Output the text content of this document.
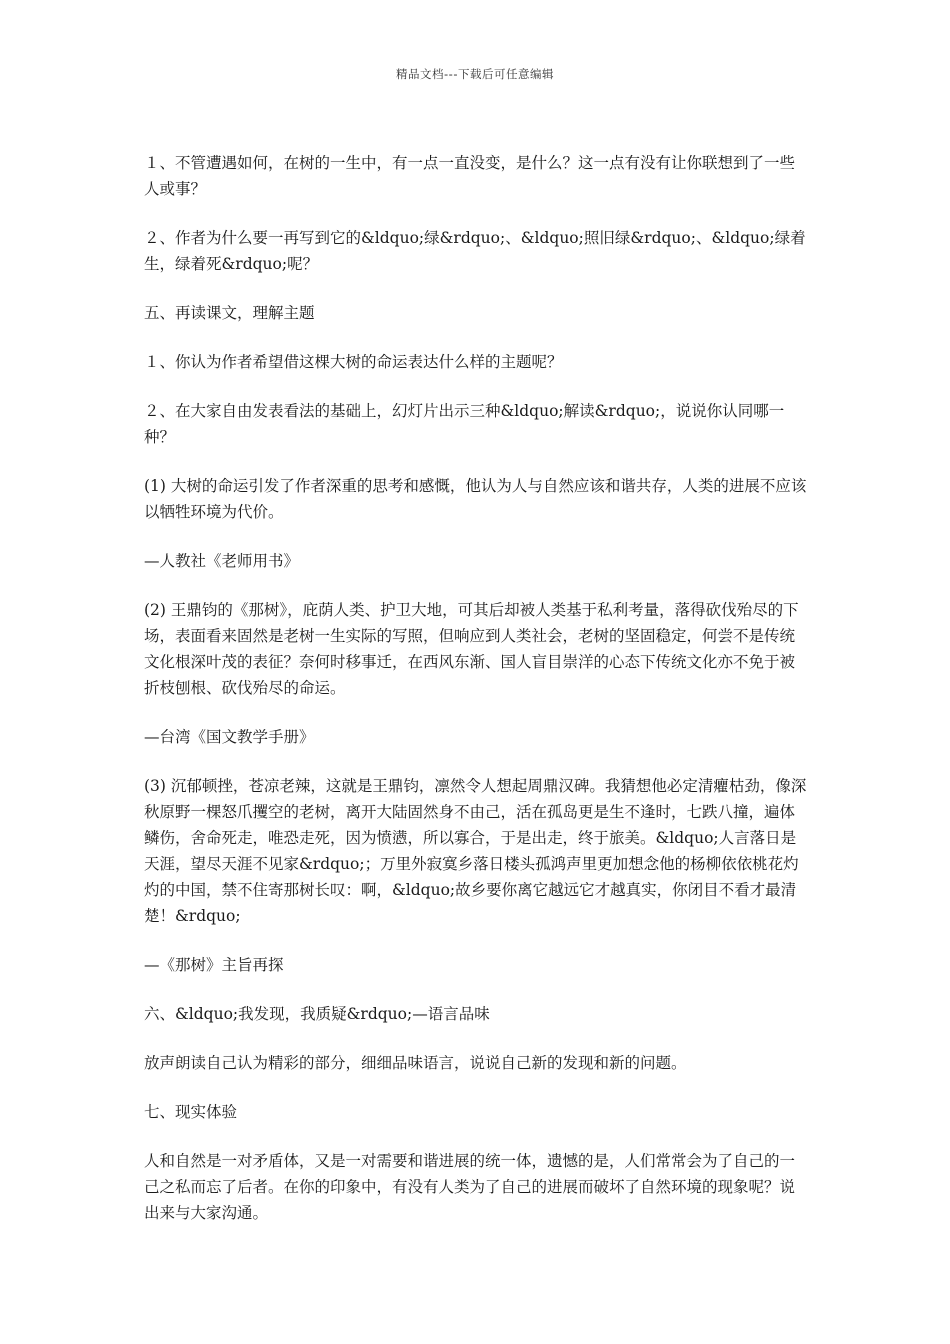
精品文档---下载后可任意编辑

１、不管遭遇如何，在树的一生中，有一点一直没变，是什么？这一点有没有让你联想到了一些人或事？

２、作者为什么要一再写到它的&ldquo;绿&rdquo;、&ldquo;照旧绿&rdquo;、&ldquo;绿着生，绿着死&rdquo;呢？

五、再读课文，理解主题

１、你认为作者希望借这棵大树的命运表达什么样的主题呢？

２、在大家自由发表看法的基础上，幻灯片出示三种&ldquo;解读&rdquo;，说说你认同哪一种？

(1) 大树的命运引发了作者深重的思考和感慨，他认为人与自然应该和谐共存，人类的进展不应该以牺牲环境为代价。

—人教社《老师用书》

(2) 王鼎钧的《那树》，庇荫人类、护卫大地，可其后却被人类基于私利考量，落得砍伐殆尽的下场，表面看来固然是老树一生实际的写照，但响应到人类社会，老树的坚固稳定，何尝不是传统文化根深叶茂的表征？奈何时移事迁，在西风东渐、国人盲目崇洋的心态下传统文化亦不免于被折枝刨根、砍伐殆尽的命运。

—台湾《国文教学手册》

(3) 沉郁顿挫，苍凉老辣，这就是王鼎钧，凛然令人想起周鼎汉碑。我猜想他必定清癯枯劲，像深秋原野一棵怒爪攫空的老树，离开大陆固然身不由己，活在孤岛更是生不逢时，七跌八撞，遍体鳞伤，舍命死走，唯恐走死，因为愤懑，所以寡合，于是出走，终于旅美。&ldquo;人言落日是天涯，望尽天涯不见家&rdquo;；万里外寂寞乡落日楼头孤鸿声里更加想念他的杨柳依依桃花灼灼的中国，禁不住寄那树长叹：啊，&ldquo;故乡要你离它越远它才越真实，你闭目不看才最清楚！&rdquo;

—《那树》主旨再探

六、&ldquo;我发现，我质疑&rdquo;—语言品味

放声朗读自己认为精彩的部分，细细品味语言，说说自己新的发现和新的问题。

七、现实体验

人和自然是一对矛盾体，又是一对需要和谐进展的统一体，遗憾的是，人们常常会为了自己的一己之私而忘了后者。在你的印象中，有没有人类为了自己的进展而破坏了自然环境的现象呢？说出来与大家沟通。
